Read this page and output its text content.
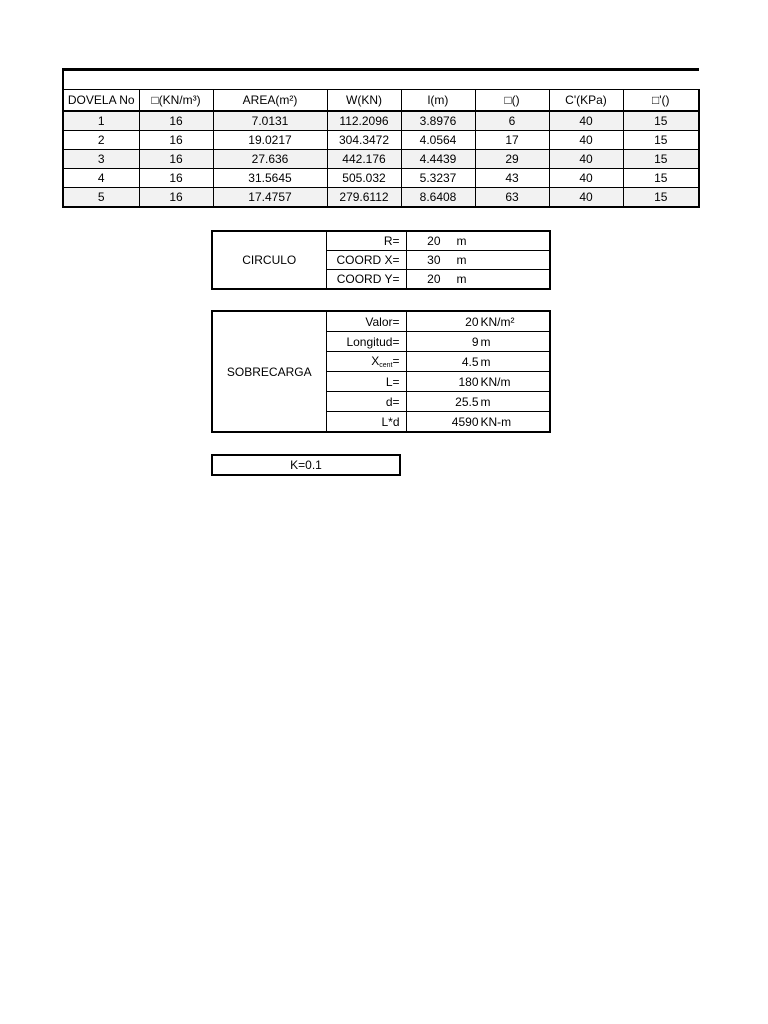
DOVELA No	□(KN/m³)	AREA(m²)	W(KN)	l(m)	□()	C'(KPa)	□'()
1	16	7.0131	112.2096	3.8976	6	40	15
2	16	19.0217	304.3472	4.0564	17	40	15
3	16	27.636	442.176	4.4439	29	40	15
4	16	31.5645	505.032	5.3237	43	40	15
5	16	17.4757	279.6112	8.6408	63	40	15
CIRCULO	R=	20 m
	COORD X=	30 m
	COORD Y=	20 m
SOBRECARGA	Valor=	20 KN/m²
	Longitud=	9 m
	$X_{cent}=$	4.5 m
	L=	180 KN/m
	d=	25.5 m
	L*d	4590 KN-m
K=0.1
